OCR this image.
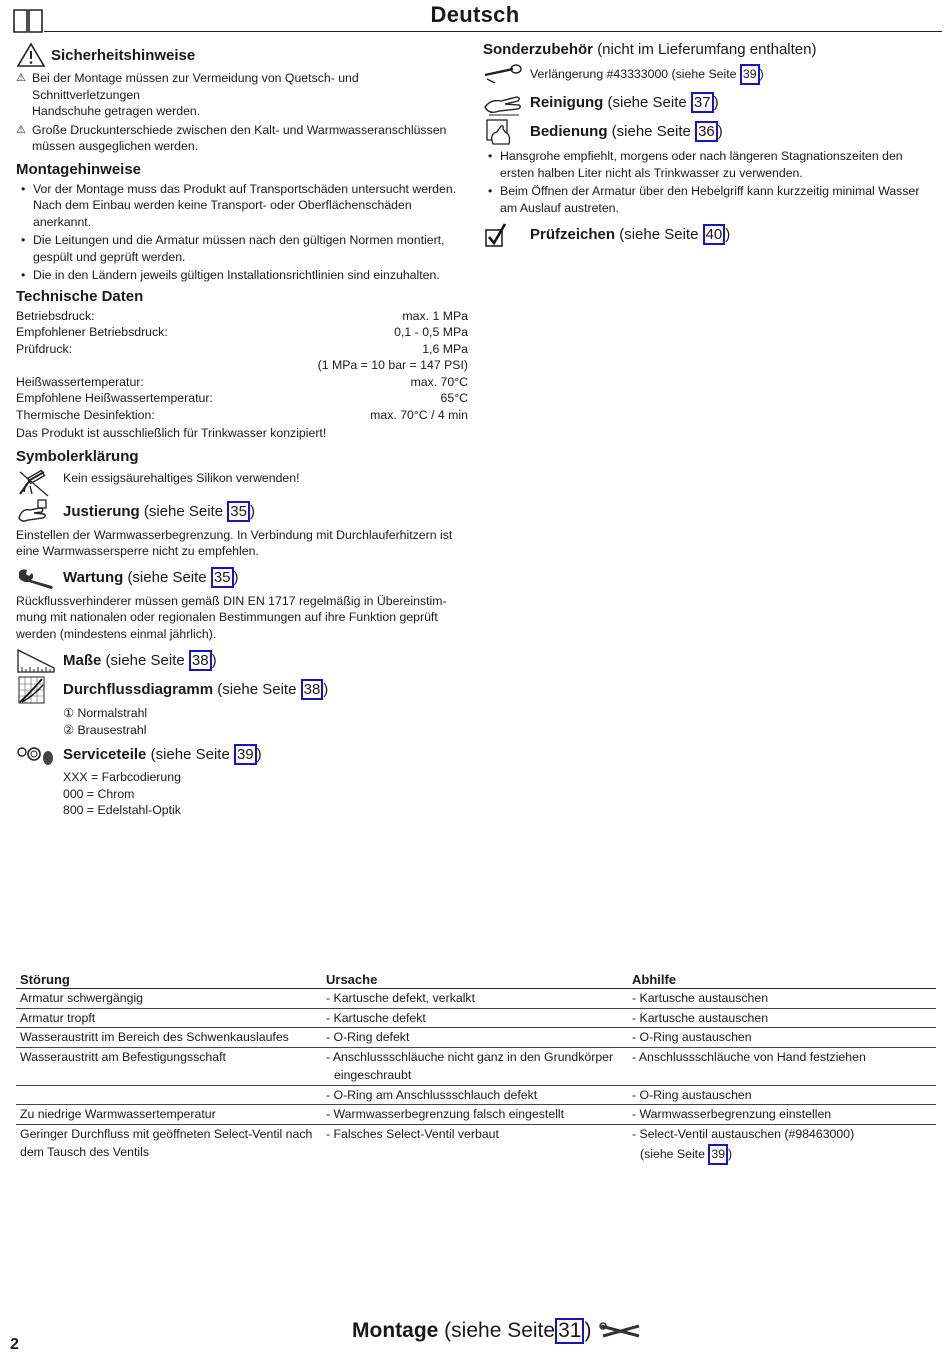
Deutsch
Sicherheitshinweise
⚠ Bei der Montage müssen zur Vermeidung von Quetsch- und Schnittverletzungen
Handschuhe getragen werden.
⚠ Große Druckunterschiede zwischen den Kalt- und Warmwasseranschlüssen
müssen ausgeglichen werden.
Montagehinweise
• Vor der Montage muss das Produkt auf Transportschäden untersucht werden.
Nach dem Einbau werden keine Transport- oder Oberflächenschäden
anerkannt.
• Die Leitungen und die Armatur müssen nach den gültigen Normen montiert,
gespült und geprüft werden.
• Die in den Ländern jeweils gültigen Installationsrichtlinien sind einzuhalten.
Technische Daten
Betriebsdruck:	max. 1 MPa
Empfohlener Betriebsdruck:	0,1 - 0,5 MPa
Prüfdruck:	1,6 MPa
(1 MPa = 10 bar = 147 PSI)
Heißwassertemperatur:	max. 70°C
Empfohlene Heißwassertemperatur:	65°C
Thermische Desinfektion:	max. 70°C / 4 min
Das Produkt ist ausschließlich für Trinkwasser konzipiert!
Symbolerklärung
Kein essigsäurehaltiges Silikon verwenden!
Justierung (siehe Seite 35 )
Einstellen der Warmwasserbegrenzung. In Verbindung mit Durchlauferhitzern ist
eine Warmwassersperre nicht zu empfehlen.
Wartung (siehe Seite 35 )
Rückflussverhinderer müssen gemäß DIN EN 1717 regelmäßig in Übereinstim-
mung mit nationalen oder regionalen Bestimmungen auf ihre Funktion geprüft
werden (mindestens einmal jährlich).
Maße (siehe Seite 38 )
Durchflussdiagramm (siehe Seite 38 )
① Normalstrahl
② Brausestrahl
Serviceteile (siehe Seite 39 )
XXX = Farbcodierung
000 = Chrom
800 = Edelstahl-Optik
Sonderzubehör (nicht im Lieferumfang enthalten)
Verlängerung #43333000 (siehe Seite 39 )
Reinigung (siehe Seite 37 )
Bedienung (siehe Seite 36 )
• Hansgrohe empfiehlt, morgens oder nach längeren Stagnationszeiten den
ersten halben Liter nicht als Trinkwasser zu verwenden.
• Beim Öffnen der Armatur über den Hebelgriff kann kurzzeitig minimal Wasser
am Auslauf austreten.
Prüfzeichen (siehe Seite 40 )
Störung	Ursache	Abhilfe
Armatur schwergängig	- Kartusche defekt, verkalkt	- Kartusche austauschen
Armatur tropft	- Kartusche defekt	- Kartusche austauschen
Wasseraustritt im Bereich des Schwenkauslaufes	- O-Ring defekt	- O-Ring austauschen
Wasseraustritt am Befestigungsschaft	- Anschlussschläuche nicht ganz in den Grundkörper	- Anschlussschläuche von Hand festziehen
	eingeschraubt	
	- O-Ring am Anschlussschlauch defekt	- O-Ring austauschen
Zu niedrige Warmwassertemperatur	- Warmwasserbegrenzung falsch eingestellt	- Warmwasserbegrenzung einstellen
Geringer Durchfluss mit geöffneten Select-Ventil nach	- Falsches Select-Ventil verbaut	- Select-Ventil austauschen (#98463000)
dem Tausch des Ventils		(siehe Seite 39 )
2
Montage
(siehe Seite 31 )
